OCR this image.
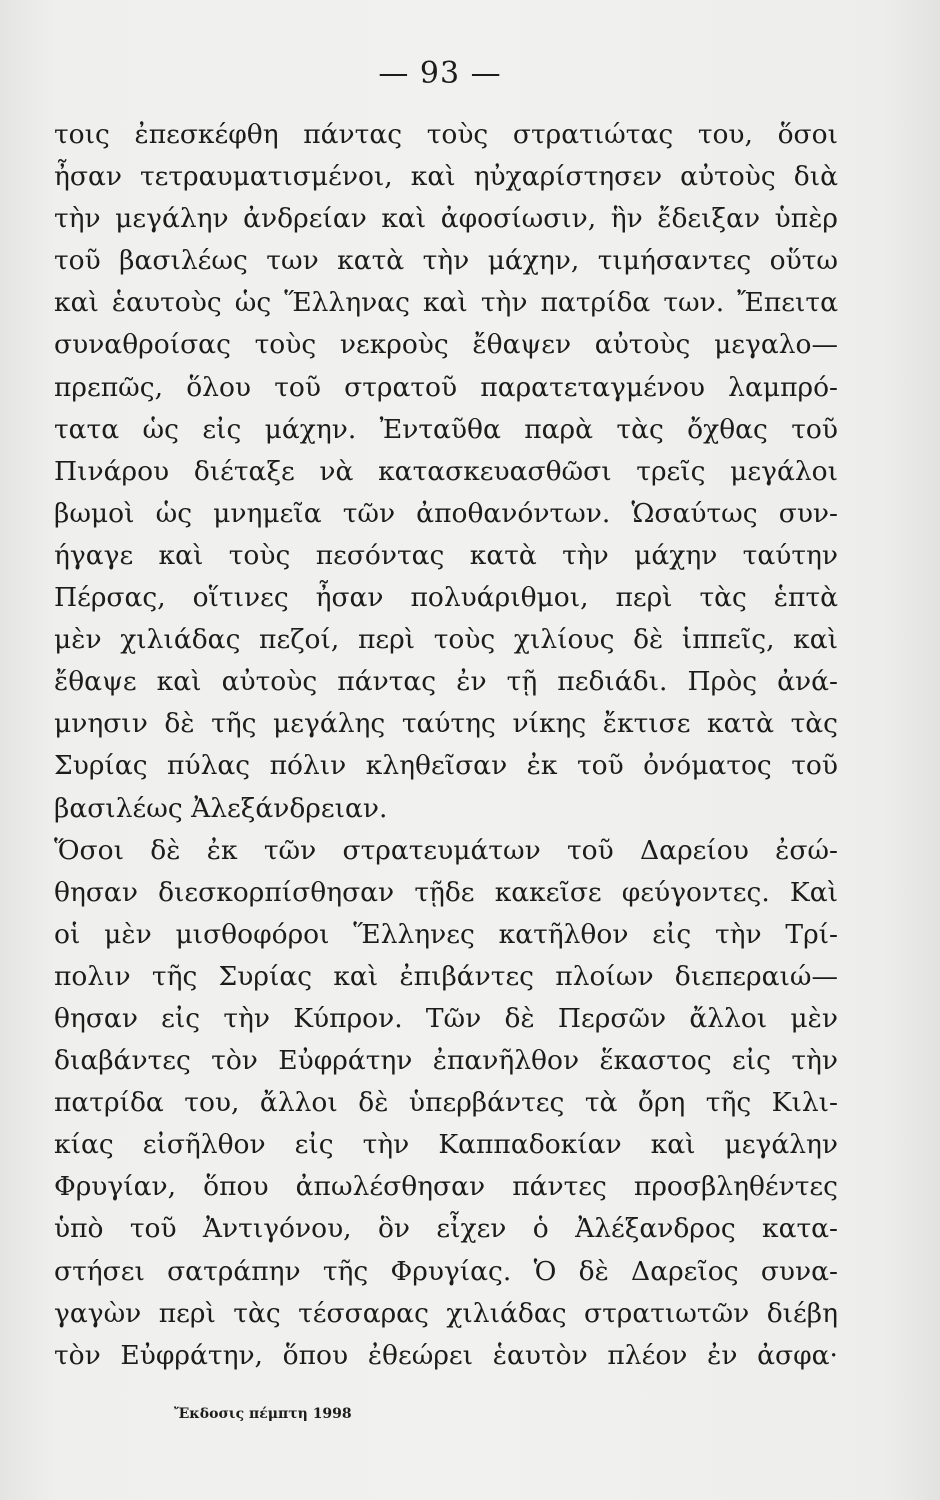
— 93 —
τοις ἐπεσκέφθη πάντας τοὺς στρατιώτας του, ὅσοι
ἦσαν τετραυματισμένοι, καὶ ηὐχαρίστησεν αὐτοὺς διὰ
τὴν μεγάλην ἀνδρείαν καὶ ἀφοσίωσιν, ἣν ἔδειξαν ὑπὲρ
τοῦ βασιλέως των κατὰ τὴν μάχην, τιμήσαντες οὕτω
καὶ ἑαυτοὺς ὡς Ἕλληνας καὶ τὴν πατρίδα των. Ἔπειτα
συναθροίσας τοὺς νεκροὺς ἔθαψεν αὐτοὺς μεγαλο—
πρεπῶς, ὅλου τοῦ στρατοῦ παρατεταγμένου λαμπρό-
τατα ὡς εἰς μάχην. Ἐνταῦθα παρὰ τὰς ὄχθας τοῦ
Πινάρου διέταξε νὰ κατασκευασθῶσι τρεῖς μεγάλοι
βωμοὶ ὡς μνημεῖα τῶν ἀποθανόντων. Ὡσαύτως συν-
ήγαγε καὶ τοὺς πεσόντας κατὰ τὴν μάχην ταύτην
Πέρσας, οἵτινες ἦσαν πολυάριθμοι, περὶ τὰς ἑπτὰ
μὲν χιλιάδας πεζοί, περὶ τοὺς χιλίους δὲ ἱππεῖς, καὶ
ἔθαψε καὶ αὐτοὺς πάντας ἐν τῇ πεδιάδι. Πρὸς ἀνά-
μνησιν δὲ τῆς μεγάλης ταύτης νίκης ἔκτισε κατὰ τὰς
Συρίας πύλας πόλιν κληθεῖσαν ἐκ τοῦ ὀνόματος τοῦ
βασιλέως Ἀλεξάνδρειαν.
Ὅσοι δὲ ἐκ τῶν στρατευμάτων τοῦ Δαρείου ἐσώ-
θησαν διεσκορπίσθησαν τῇδε κακεῖσε φεύγοντες. Καὶ
οἱ μὲν μισθοφόροι Ἕλληνες κατῆλθον εἰς τὴν Τρί-
πολιν τῆς Συρίας καὶ ἐπιβάντες πλοίων διεπεραιώ—
θησαν εἰς τὴν Κύπρον. Τῶν δὲ Περσῶν ἄλλοι μὲν
διαβάντες τὸν Εὐφράτην ἐπανῆλθον ἕκαστος εἰς τὴν
πατρίδα του, ἄλλοι δὲ ὑπερβάντες τὰ ὄρη τῆς Κιλι-
κίας εἰσῆλθον εἰς τὴν Καππαδοκίαν καὶ μεγάλην
Φρυγίαν, ὅπου ἀπωλέσθησαν πάντες προσβληθέντες
ὑπὸ τοῦ Ἀντιγόνου, ὃν εἶχεν ὁ Ἀλέξανδρος κατα-
στήσει σατράπην τῆς Φρυγίας. Ὁ δὲ Δαρεῖος συνα-
γαγὼν περὶ τὰς τέσσαρας χιλιάδας στρατιωτῶν διέβη
τὸν Εὐφράτην, ὅπου ἐθεώρει ἑαυτὸν πλέον ἐν ἀσφα·
Ἔκδοσις πέμπτη 1998
